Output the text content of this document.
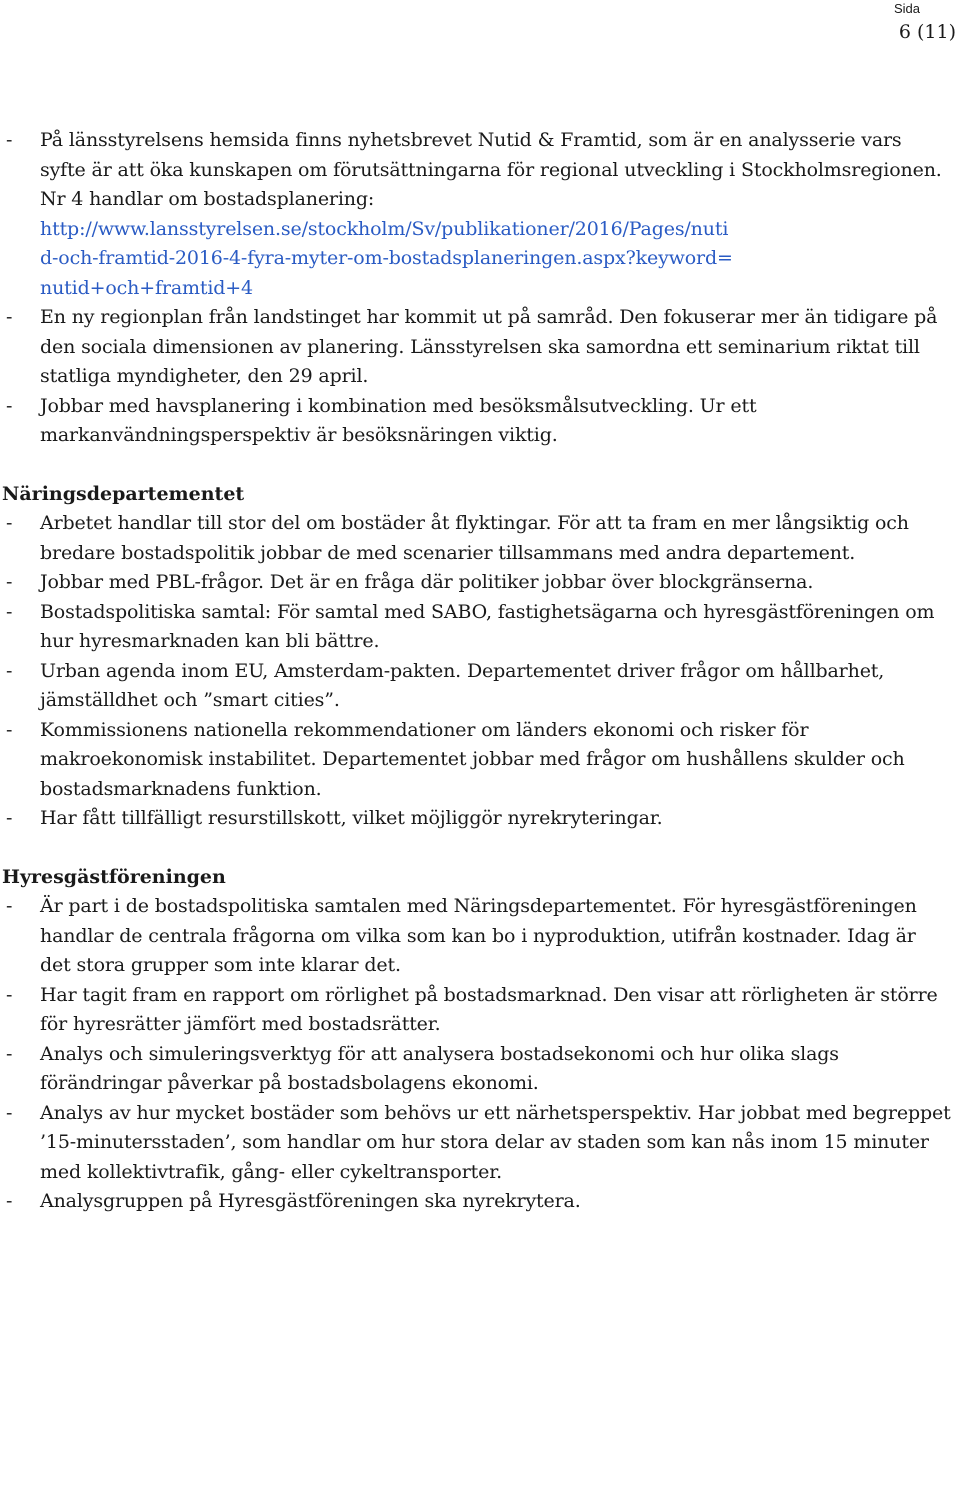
Sida
6 (11)
- På länsstyrelsens hemsida finns nyhetsbrevet Nutid & Framtid, som är en analysserie vars syfte är att öka kunskapen om förutsättningarna för regional utveckling i Stockholmsregionen. Nr 4 handlar om bostadsplanering:
http://www.lansstyrelsen.se/stockholm/Sv/publikationer/2016/Pages/nutid-och-framtid-2016-4-fyra-myter-om-bostadsplaneringen.aspx?keyword=nutid+och+framtid+4
- En ny regionplan från landstinget har kommit ut på samråd. Den fokuserar mer än tidigare på den sociala dimensionen av planering. Länsstyrelsen ska samordna ett seminarium riktat till statliga myndigheter, den 29 april.
- Jobbar med havsplanering i kombination med besöksmålsutveckling. Ur ett markanvändningsperspektiv är besöksnäringen viktig.

Näringsdepartementet

- Arbetet handlar till stor del om bostäder åt flyktingar. För att ta fram en mer långsiktig och bredare bostadspolitik jobbar de med scenarier tillsammans med andra departement.
- Jobbar med PBL-frågor. Det är en fråga där politiker jobbar över blockgränserna.
- Bostadspolitiska samtal: För samtal med SABO, fastighetsägarna och hyresgästföreningen om hur hyresmarknaden kan bli bättre.
- Urban agenda inom EU, Amsterdam-pakten. Departementet driver frågor om hållbarhet, jämställdhet och ”smart cities”.
- Kommissionens nationella rekommendationer om länders ekonomi och risker för makroekonomisk instabilitet. Departementet jobbar med frågor om hushållens skulder och bostadsmarknadens funktion.
- Har fått tillfälligt resurstillskott, vilket möjliggör nyrekryteringar.

Hyresgästföreningen

- Är part i de bostadspolitiska samtalen med Näringsdepartementet. För hyresgästföreningen handlar de centrala frågorna om vilka som kan bo i nyproduktion, utifrån kostnader. Idag är det stora grupper som inte klarar det.
- Har tagit fram en rapport om rörlighet på bostadsmarknad. Den visar att rörligheten är större för hyresrätter jämfört med bostadsrätter.
- Analys och simuleringsverktyg för att analysera bostadsekonomi och hur olika slags förändringar påverkar på bostadsbolagens ekonomi.
- Analys av hur mycket bostäder som behövs ur ett närhetsperspektiv. Har jobbat med begreppet ’15-minutersstaden’, som handlar om hur stora delar av staden som kan nås inom 15 minuter med kollektivtrafik, gång- eller cykeltransporter.
- Analysgruppen på Hyresgästföreningen ska nyrekrytera.
